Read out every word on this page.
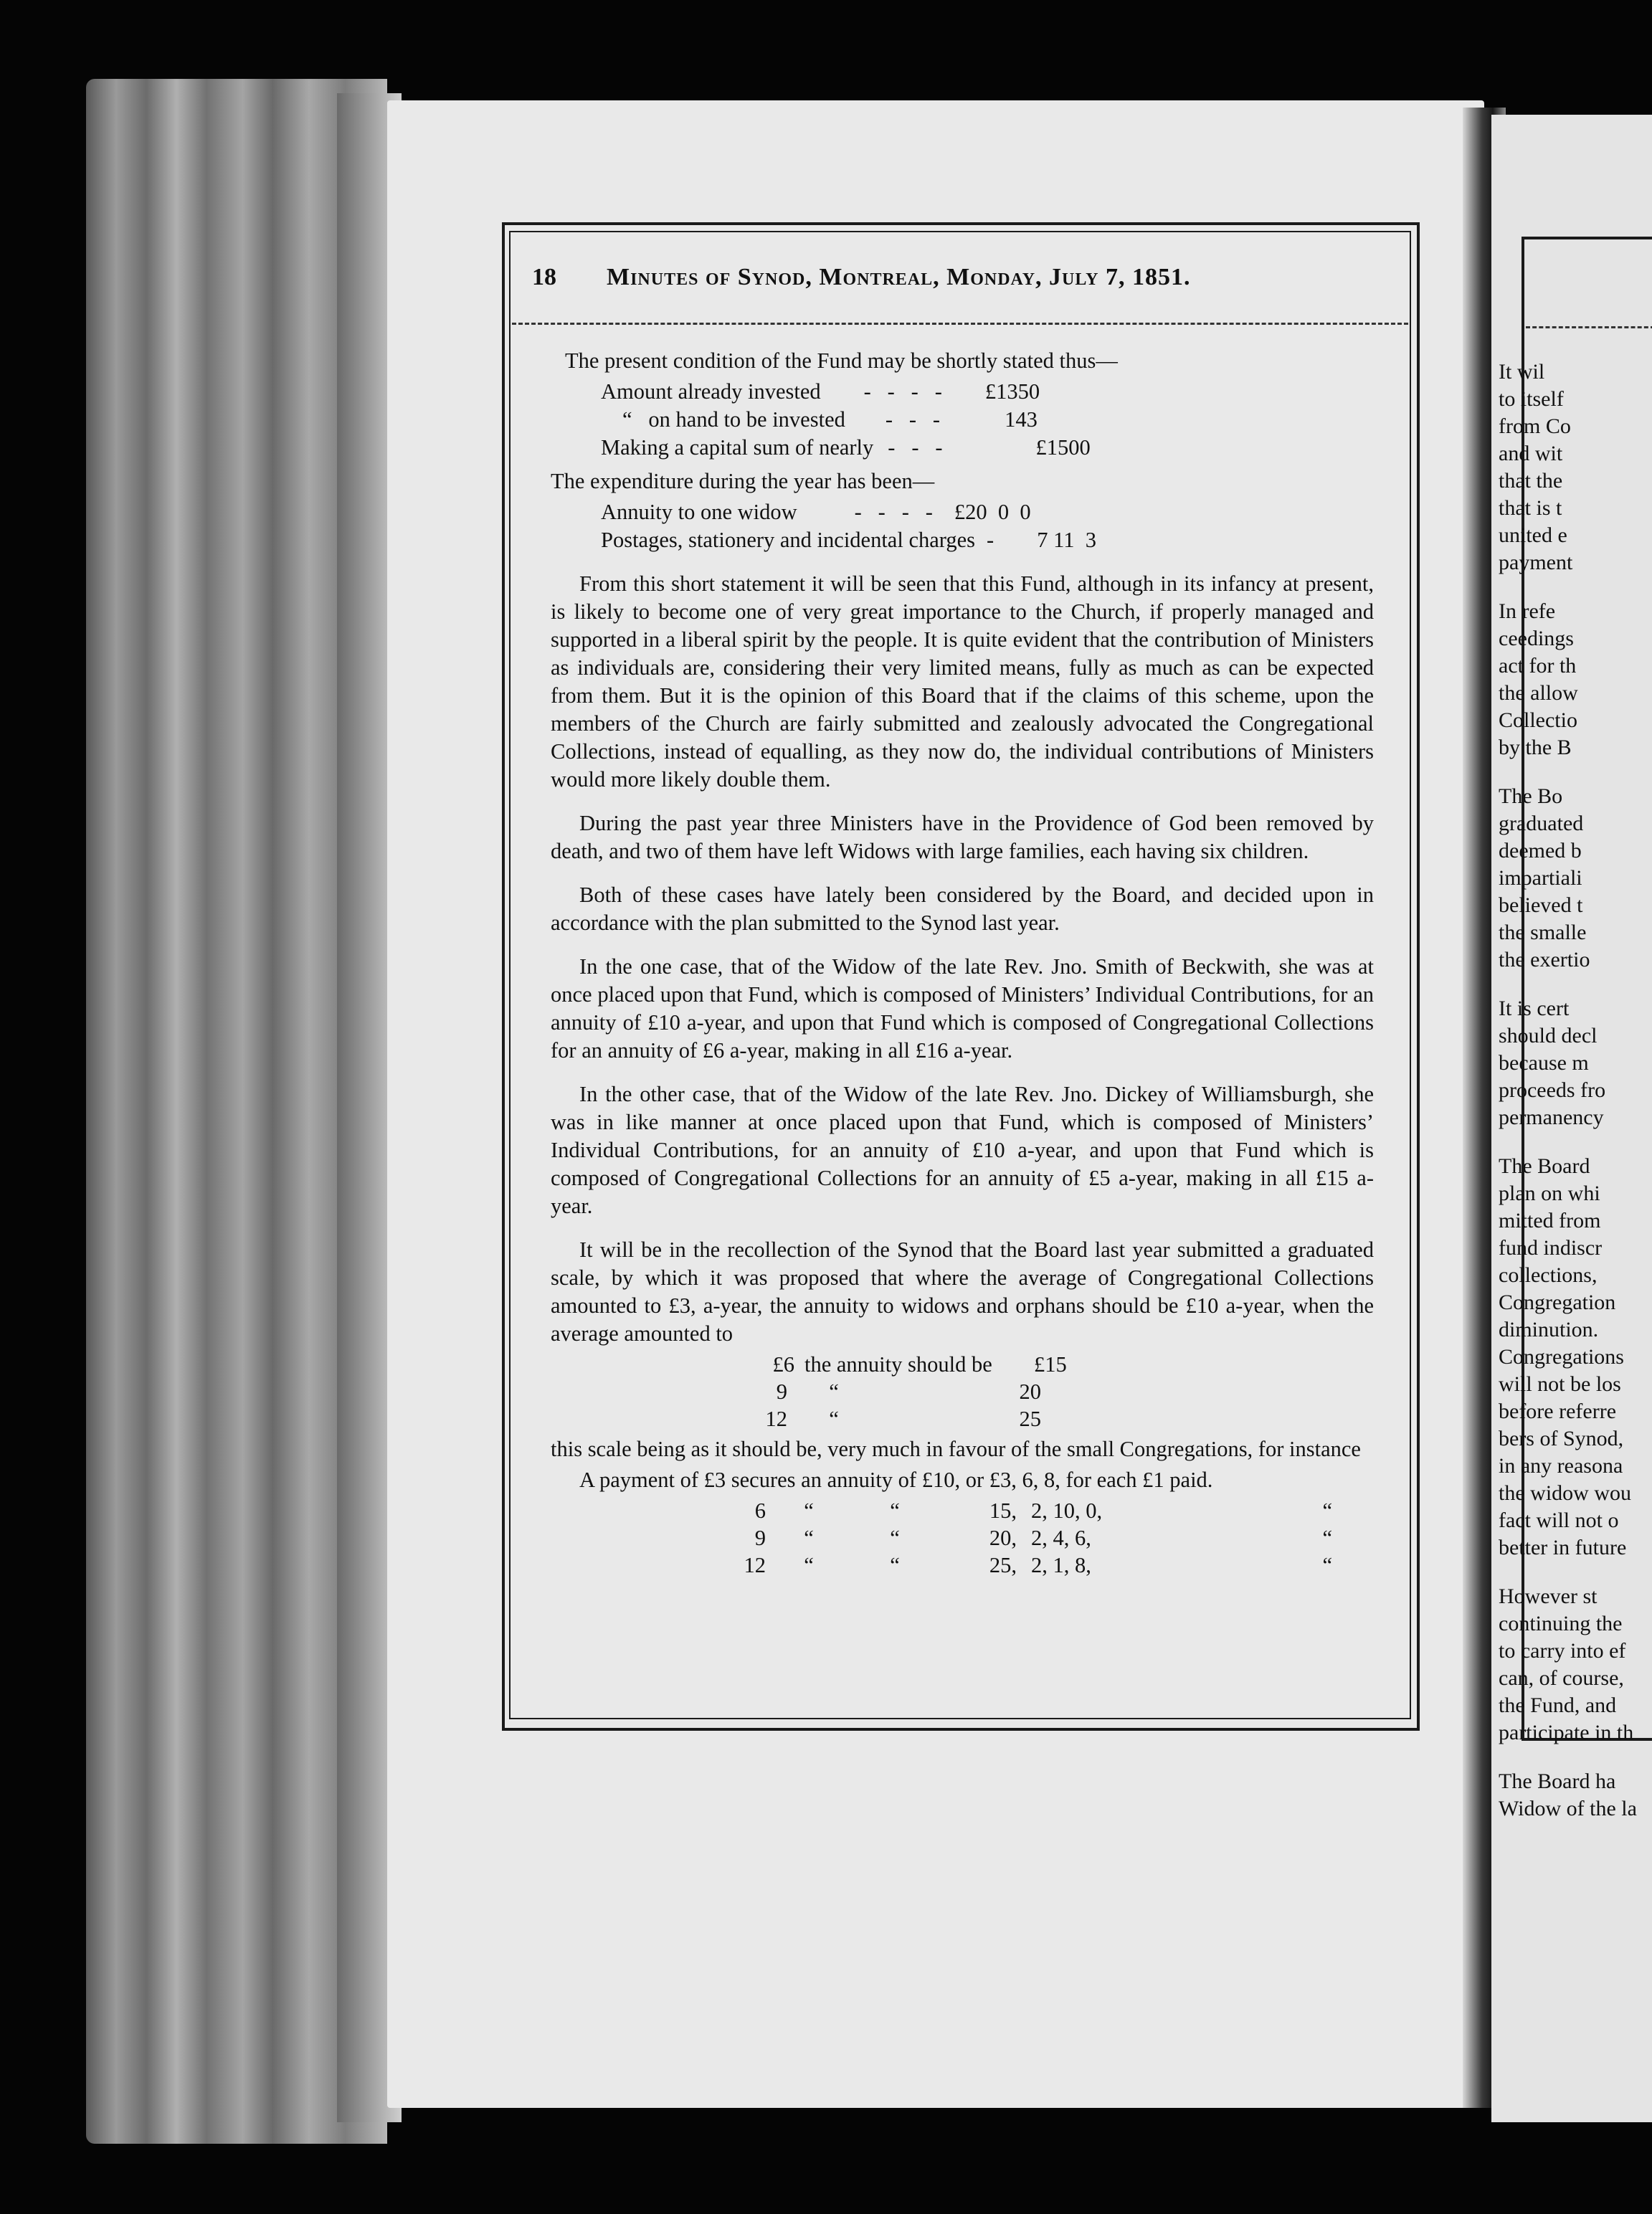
18	Minutes of Synod, Montreal, Monday, July 7, 1851.

The present condition of the Fund may be shortly stated thus—

Amount already invested -   -   -   - £1350
“   on hand to be invested -   -   -	143
Making a capital sum of nearly -   -   -	£1500

The expenditure during the year has been—

Annuity to one widow	-   -   -   - £20  0  0
Postages, stationery and incidental charges - 7 11  3

From this short statement it will be seen that this Fund, although in its infancy at present, is likely to become one of very great importance to the Church, if properly managed and supported in a liberal spirit by the people. It is quite evident that the contribution of Ministers as individuals are, considering their very limited means, fully as much as can be expected from them. But it is the opinion of this Board that if the claims of this scheme, upon the members of the Church are fairly submitted and zealously advocated the Congregational Collections, instead of equalling, as they now do, the individual contributions of Ministers would more likely double them.

During the past year three Ministers have in the Providence of God been removed by death, and two of them have left Widows with large families, each having six children.

Both of these cases have lately been considered by the Board, and decided upon in accordance with the plan submitted to the Synod last year.

In the one case, that of the Widow of the late Rev. Jno. Smith of Beckwith, she was at once placed upon that Fund, which is composed of Ministers’ Individual Contributions, for an annuity of £10 a-year, and upon that Fund which is composed of Congregational Collections for an annuity of £6 a-year, making in all £16 a-year.

In the other case, that of the Widow of the late Rev. Jno. Dickey of Williamsburgh, she was in like manner at once placed upon that Fund, which is composed of Ministers’ Individual Contributions, for an annuity of £10 a-year, and upon that Fund which is composed of Congregational Collections for an annuity of £5 a-year, making in all £15 a-year.

It will be in the recollection of the Synod that the Board last year submitted a graduated scale, by which it was proposed that where the average of Congregational Collections amounted to £3, a-year, the annuity to widows and orphans should be £10 a-year, when the average amounted to

£6 the annuity should be	£15
9	“	20
12	“	25

this scale being as it should be, very much in favour of the small Congregations, for instance

A payment of £3 secures an annuity of £10, or £3, 6, 8, for each £1 paid.

6	“	“	15, 2, 10, 0,	“
9	“	“	20, 2, 4, 6,	“
12	“	“	25, 2, 1, 8,	“
It wil
to itself
from Co
and wit
that the
that is t
united e
payment
In refe
ceedings
act for th
the allow
Collectio
by the B
The Bo
graduated
deemed b
impartiali
believed t
the smalle
the exertio
It is cert
should decl
because m
proceeds fro
permanency
The Board
plan on whi
mitted from
fund indiscr
collections,
Congregation
diminution.
Congregations
will not be los
before referre
bers of Synod,
in any reasona
the widow wou
fact will not o
better in future
However st
continuing the
to carry into ef
can, of course,
the Fund, and
participate in th
The Board ha
Widow of the la
